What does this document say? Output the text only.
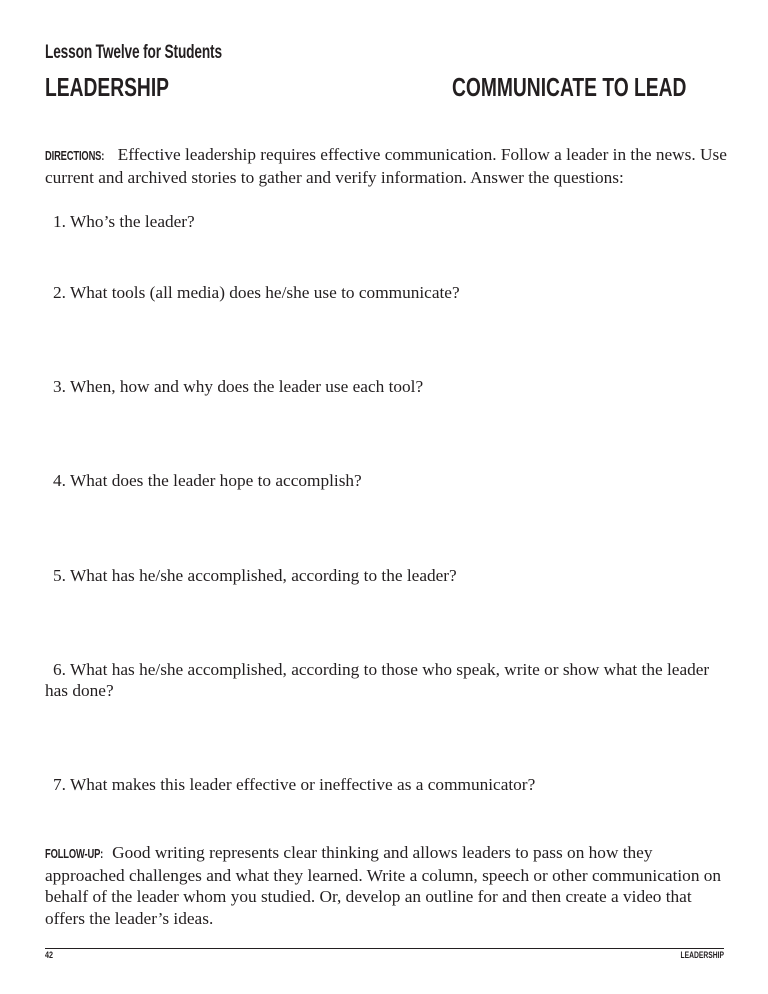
Lesson Twelve for Students
LEADERSHIP	COMMUNICATE TO LEAD
DIRECTIONS: Effective leadership requires effective communication. Follow a leader in the news. Use current and archived stories to gather and verify information. Answer the questions:
1. Who’s the leader?
2. What tools (all media) does he/she use to communicate?
3. When, how and why does the leader use each tool?
4. What does the leader hope to accomplish?
5. What has he/she accomplished, according to the leader?
6. What has he/she accomplished, according to those who speak, write or show what the leader has done?
7. What makes this leader effective or ineffective as a communicator?
FOLLOW-UP: Good writing represents clear thinking and allows leaders to pass on how they approached challenges and what they learned. Write a column, speech or other communication on behalf of the leader whom you studied. Or, develop an outline for and then create a video that offers the leader’s ideas.
42	LEADERSHIP
